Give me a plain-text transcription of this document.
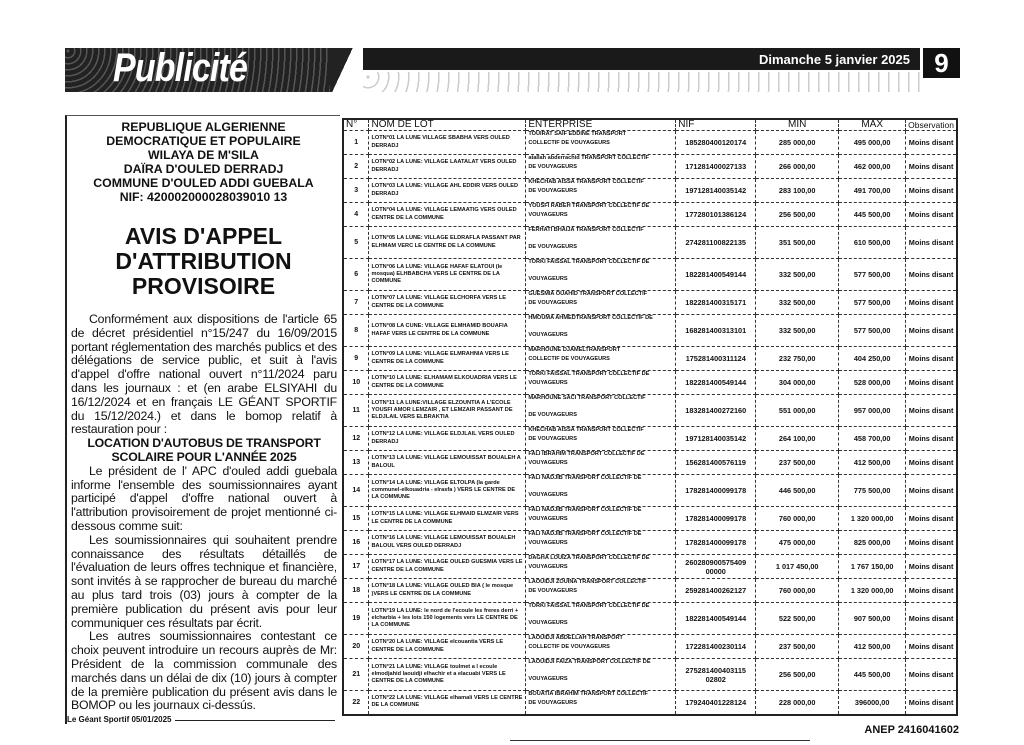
Publicité	Dimanche 5 janvier 2025 9
REPUBLIQUE ALGERIENNE
DEMOCRATIQUE ET POPULAIRE
WILAYA DE M'SILA
DAÏRA D'OULED DERRADJ
COMMUNE D'OULED ADDI GUEBALA
NIF: 420002000028039010 13
AVIS D'APPEL
D'ATTRIBUTION
PROVISOIRE

Conformément aux dispositions de l'article 65 de décret présidentiel n°15/247 du 16/09/2015 portant réglementation des marchés publics et des délégations de service public, et suit à l'avis d'appel d'offre national ouvert n°11/2024 paru dans les journaux : et (en arabe ELSIYAHI du 16/12/2024 et en français LE GÉANT SPORTIF du 15/12/2024.) et dans le bomop relatif à restauration pour :

LOCATION D'AUTOBUS DE TRANSPORT SCOLAIRE POUR L'ANNÉE 2025

Le président de l' APC d'ouled addi guebala informe l'ensemble des soumissionnaires ayant participé d'appel d'offre national ouvert à l'attribution provisoirement de projet mentionné ci-dessous comme suit:

Les soumissionnaires qui souhaitent prendre connaissance des résultats détaillés de l'évaluation de leurs offres technique et financière, sont invités à se rapprocher de bureau du marché au plus tard trois (03) jours à compter de la première publication du présent avis pour leur communiquer ces résultats par écrit.

Les autres soumissionnaires contestant ce choix peuvent introduire un recours auprès de Mr: Président de la commission communale des marchés dans un délai de dix (10) jours à compter de la première publication du présent avis dans le BOMOP ou les journaux ci-dessús.

Le Géant Sportif 05/01/2025
N°	NOM DE LOT	ENTERPRISE	NIF	MIN	MAX	Observation
1	LOTN°01 LA LUNE VILLAGE SBABHA VERS OULED DERRADJ	TOUIRAT SAIF EDDINE TRANSPORT
COLLECTIF DE VOUYAGEURS	185280400120174	285 000,00	495 000,00	Moins disant
2	LOTN°02 LA LUNE: VILLAGE LAATALAT VERS OULED DERRADJ	atallah abderrachid TRANSPORT COLLECTIF
DE VOUYAGEURS	171281400027133	266 000,00	462 000,00	Moins disant
3	LOTN°03 LA LUNE: VILLAGE AHL EDDIR VERS OULED DERRADJ	KHECHAB AISSA TRANSPORT COLLECTIF
DE VOUYAGEURS	197128140035142	283 100,00	491 700,00	Moins disant
4	LOTN°04 LA LUNE: VILLAGE LEMAATIG VERS OULED CENTRE DE LA COMMUNE	YOUSFI RABEH TRANSPORT COLLECTIF DE
VOUYAGEURS	177280101386124	256 500,00	445 500,00	Moins disant
5	LOTN°05 LA LUNE: VILLAGE ELDRAFLA PASSANT PAR ELHMAM VERC LE CENTRE DE LA COMMUNE	FERHATI BHAIJA TRANSPORT COLLECTIF
DE VOUYAGEURS	274281100822135	351 500,00	610 500,00	Moins disant
6	LOTN°06 LA LUNE: VILLAGE HAFAF ELATOUI (le mosqua) ELHBABCHA VERS LE CENTRE DE LA COMMUNE	TORKI FAISSAL TRANSPORT COLLECTIF DE
VOUYAGEURS	182281400549144	332 500,00	577 500,00	Moins disant
7	LOTN°07 LA LUNE: VILLAGE ELCHORFA VERS LE CENTRE DE LA COMMUNE	GUESMIA OUAHID TRANSPORT COLLECTIF
DE VOUYAGEURS	182281400315171	332 500,00	577 500,00	Moins disant
8	LOTN°08 LA CUNE: VILLAGE ELMHAMID BOUAFIA HAFAF VERS LE CENTRE DE LA COMMUNE	HMOUMA AHMEDTRANSPORT COLLECTIF DE
VOUYAGEURS	168281400313101	332 500,00	577 500,00	Moins disant
9	LOTN°09 LA LUNE: VILLAGE ELMRAHNIA VERS LE CENTRE DE LA COMMUNE	MARHOUNE DJAMELTRANSPORT
COLLECTIF DE VOUYAGEURS	175281400311124	232 750,00	404 250,00	Moins disant
10	LOTN°10 LA LUNE: ELHAMAM ELKOUADRIA VERS LE CENTRE DE LA COMMUNE	TORKI FAISSAL TRANSPORT COLLECTIF DE
VOUYAGEURS	182281400549144	304 000,00	528 000,00	Moins disant
11	LOTN°11 LA LUNE:VILLAGE ELZOUNTIA A L'ECOLE YOUSFI AMOR LEMZAIR , ET LEMZAIR PASSANT DE ELDJLAIL VERS ELBRAKTIA	MARHOUNE SACI TRANSPORT COLLECTIF
DE VOUYAGEURS	183281400272160	551 000,00	957 000,00	Moins disant
12	LOTN°12 LA LUNE: VILLAGE ELDJLAIL VERS OULED DERRADJ	KHECHAB AISSA TRANSPORT COLLECTIF
DE VOUYAGEURS	197128140035142	264 100,00	458 700,00	Moins disant
13	LOTN°13 LA LUNE: VILLAGE LEMOUISSAT BOUALEH A BALOUL	FALI IBRAHIM TRANSPORT COLLECTIF DE
VOUYAGEURS	156281400576119	237 500,00	412 500,00	Moins disant
14	LOTN°14 LA LUNE: VILLAGE ELTOLPA (la garde communel-elkouadria - elrasfa ) VERS LE CENTRE DE LA COMMUNE	FALI NADJIB TRANSPORT COLLECTIF DE
VOUYAGEURS	178281400099178	446 500,00	775 500,00	Moins disant
15	LOTN°15 LA LUNE: VILLAGE ELHMAID ELMZAIR VERS LE CENTRE DE LA COMMUNE	FALI NADJIB TRANSPORT COLLECTIF DE
VOUYAGEURS	178281400099178	760 000,00	1 320 000,00	Moins disant
16	LOTN°16 LA LUNE: VILLAGE LEMOUISSAT BOUALEH BALOUL VERS OULED DERRADJ	FALI NADJIB TRANSPORT COLLECTIF DE
VOUYAGEURS	178281400099178	475 000,00	825 000,00	Moins disant
17	LOTN°17 LA LUNE: VILLAGE OULED GUESMIA VERS LE CENTRE DE LA COMMUNE	DAGHA LOUIZA TRANSPORT COLLECTIF DE
VOUYAGEURS	260280900575409 00000	1 017 450,00	1 767 150,00	Moins disant
18	LOTN°18 LA LUNE: VILLAGE OULED BIA ( le mosque )VERS LE CENTRE DE LA COMMUNE	LAOUIDJI ZOUINA TRANSPORT COLLECTIF
DE VOUYAGEURS	259281400262127	760 000,00	1 320 000,00	Moins disant
19	LOTN°19 LA LUNE: le nord de l'ecoule les freres derri + elcharbia + les lots 150 logements vers LE CENTRE DE LA COMMUNE	TORKI FAISSAL TRANSPORT COLLECTIF DE
VOUYAGEURS	182281400549144	522 500,00	907 500,00	Moins disant
20	LOTN°20 LA LUNE: VILLAGE elcouantia VERS LE CENTRE DE LA COMMUNE	LAOUIDJI ABDELLAH TRANSPORT
COLLECTIF DE VOUYAGEURS	172281400230114	237 500,00	412 500,00	Moins disant
21	LOTN°21 LA LUNE: VILLAGE toulmet a l ecoule elmodjahid laouidji elhachir et a elacuabi VERS LE CENTRE DE LA COMMUNE	LAOUIDJI FAIZA TRANSPORT COLLECTIF DE
VOUYAGEURS	275281400403115 02802	256 500,00	445 500,00	Moins disant
22	LOTN°22 LA LUNE: VILLAGE elhamali VERS LE CENTRE DE LA COMMUNE	BOUATIA IBRAHIM TRANSPORT COLLECTIF
DE VOUYAGEURS	179240401228124	228 000,00	396000,00	Moins disant
ANEP 2416041602
